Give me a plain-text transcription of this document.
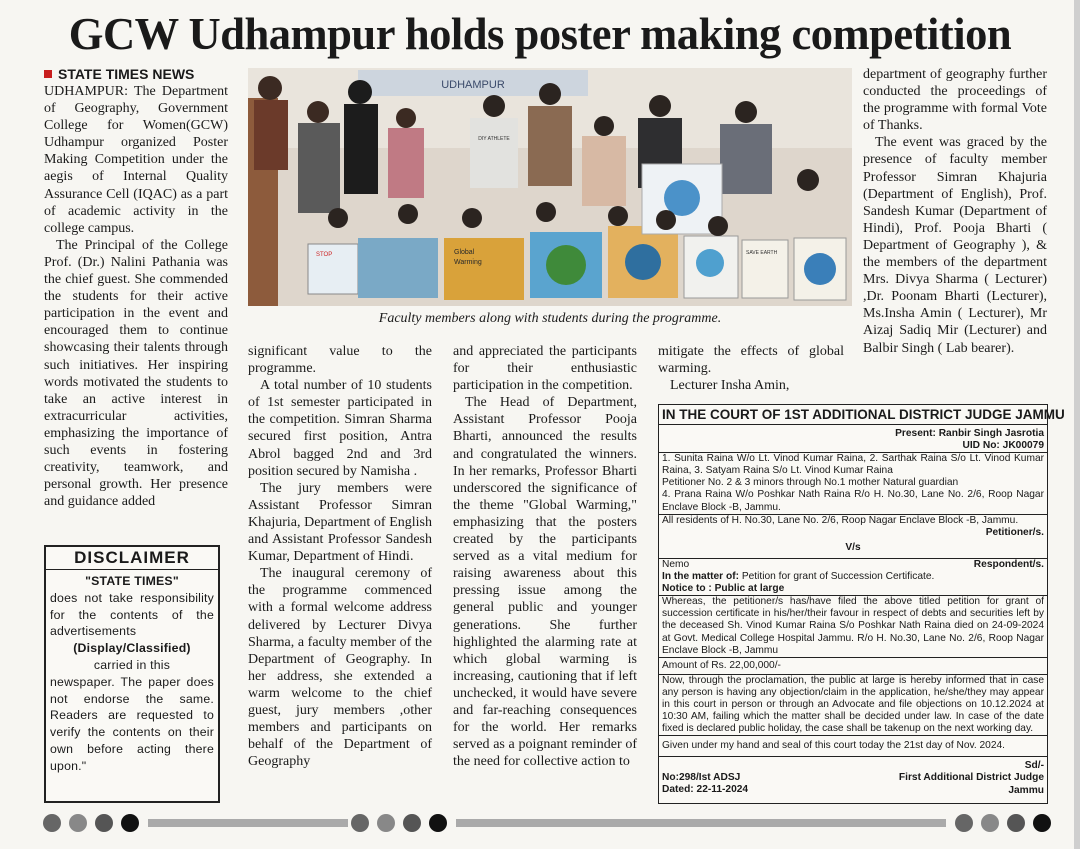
GCW Udhampur holds poster making competition
STATE TIMES NEWS

UDHAMPUR: The Department of Geography, Government College for Women(GCW) Udhampur organized Poster Making Competition under the aegis of Internal Quality Assurance Cell (IQAC) as a part of academic activity in the college campus.

The Principal of the College Prof. (Dr.) Nalini Pathania was the chief guest. She commended the students for their active participation in the event and encouraged them to continue showcasing their talents through such initiatives. Her inspiring words motivated the students to take an active interest in extracurricular activities, emphasizing the importance of such events in fostering creativity, teamwork, and personal growth. Her presence and guidance added

DISCLAIMER
"STATE TIMES"
does not take responsibility for the contents of the advertisements
(Display/Classified)
carried in this
newspaper. The paper does not endorse the same. Readers are requested to verify the contents on their own before acting there upon."
UDHAMPUR
DIY ATHLETE
STOP	Global
Warming
SAVE EARTH
Faculty members along with students during the programme.

significant value to the programme.

A total number of 10 students of 1st semester participated in the competition. Simran Sharma secured first position, Antra Abrol bagged 2nd and 3rd position secured by Namisha .

The jury members were Assistant Professor Simran Khajuria, Department of English and Assistant Professor Sandesh Kumar, Department of Hindi.

The inaugural ceremony of the programme commenced with a formal welcome address delivered by Lecturer Divya Sharma, a faculty member of the Department of Geography. In her address, she extended a warm welcome to the chief guest, jury members ,other members and participants on behalf of the Department of Geography

and appreciated the participants for their enthusiastic participation in the competition.

The Head of Department, Assistant Professor Pooja Bharti, announced the results and congratulated the winners. In her remarks, Professor Bharti underscored the significance of the theme "Global Warming," emphasizing that the posters created by the participants served as a vital medium for raising awareness about this pressing issue among the general public and younger generations. She further highlighted the alarming rate at which global warming is increasing, cautioning that if left unchecked, it would have severe and far-reaching consequences for the world. Her remarks served as a poignant reminder of the need for collective action to

mitigate the effects of global warming.

Lecturer Insha Amin,

department of geography further conducted the proceedings of the programme with formal Vote of Thanks.

The event was graced by the presence of faculty member Professor Simran Khajuria (Department of English), Prof. Sandesh Kumar (Department of Hindi), Prof. Pooja Bharti ( Department of Geography ), & the members of the department Mrs. Divya Sharma ( Lecturer) ,Dr. Poonam Bharti (Lecturer), Ms.Insha Amin ( Lecturer), Mr Aizaj Sadiq Mir (Lecturer) and Balbir Singh ( Lab bearer).

IN THE COURT OF 1ST ADDITIONAL DISTRICT JUDGE JAMMU
Present: Ranbir Singh Jasrotia
UID No: JK00079
1. Sunita Raina W/o Lt. Vinod Kumar Raina, 2. Sarthak Raina S/o Lt. Vinod Kumar Raina, 3. Satyam Raina S/o Lt. Vinod Kumar Raina
Petitioner No. 2 & 3 minors through No.1 mother Natural guardian
4. Prana Raina W/o Poshkar Nath Raina R/o H. No.30, Lane No. 2/6, Roop Nagar Enclave Block -B, Jammu.
All residents of H. No.30, Lane No. 2/6, Roop Nagar Enclave Block -B, Jammu.
Petitioner/s.
V/s
Nemo	Respondent/s.
In the matter of: Petition for grant of Succession Certificate.
Notice to : Public at large
Whereas, the petitioner/s has/have filed the above titled petition for grant of succession certificate in his/her/their favour in respect of debts and securities left by the deceased Sh. Vinod Kumar Raina S/o Poshkar Nath Raina died on 24-09-2024 at Govt. Medical College Hospital Jammu. R/o H. No.30, Lane No. 2/6, Roop Nagar Enclave Block -B, Jammu
Amount of Rs. 22,00,000/-
Now, through the proclamation, the public at large is hereby informed that in case any person is having any objection/claim in the application, he/she/they may appear in this court in person or through an Advocate and file objections on 10.12.2024 at 10:30 AM, failing which the matter shall be decided under law. In case of the date fixed is declared public holiday, the case shall be takenup on the next working day.
Given under my hand and seal of this court today the 21st day of Nov. 2024.
No:298/Ist ADSJ
Dated: 22-11-2024
Sd/-
First Additional District Judge
Jammu
